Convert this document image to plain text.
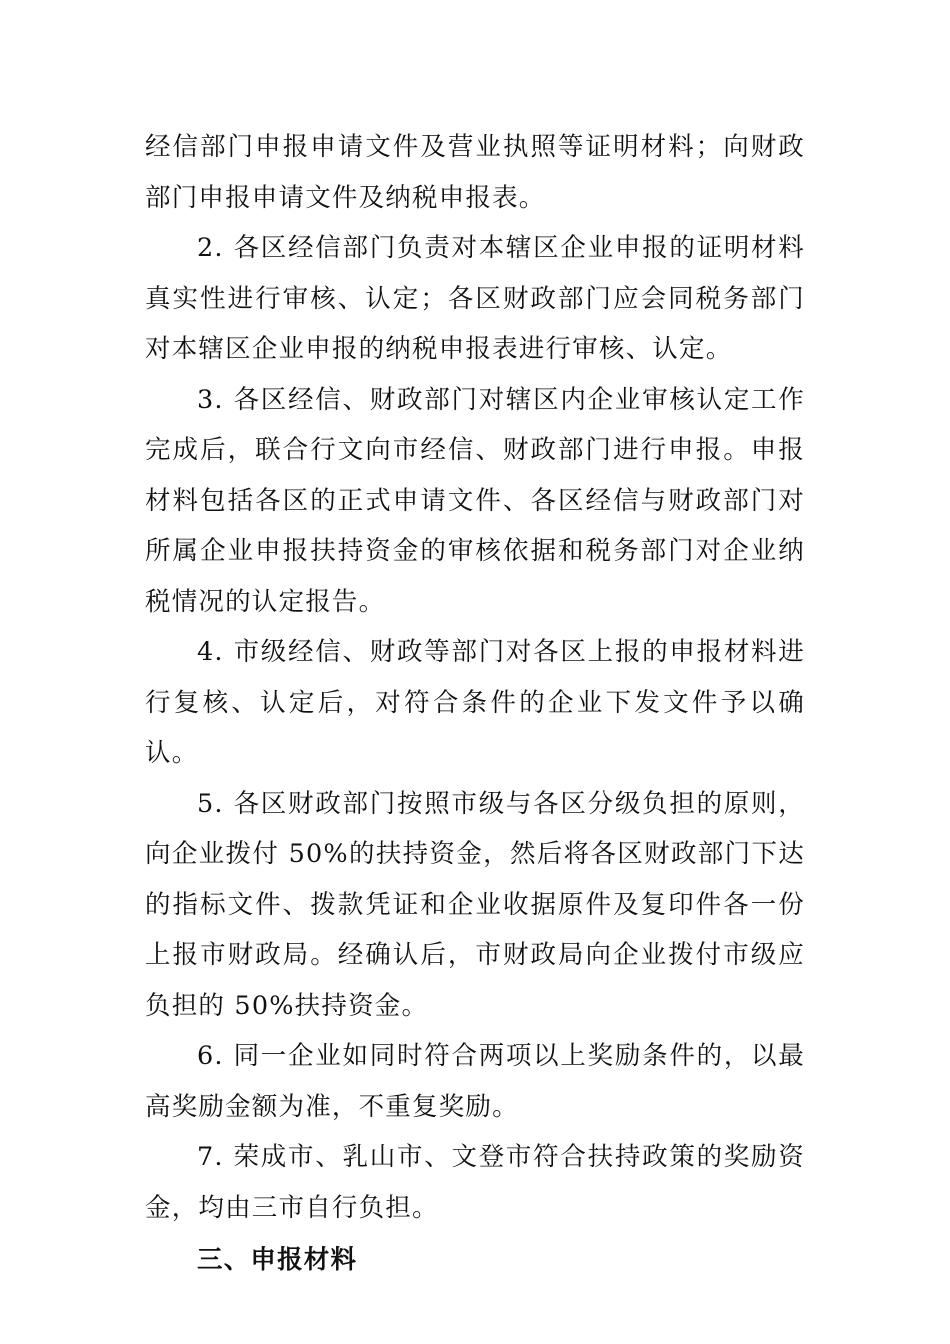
经信部门申报申请文件及营业执照等证明材料；向财政部门申报申请文件及纳税申报表。

2. 各区经信部门负责对本辖区企业申报的证明材料真实性进行审核、认定；各区财政部门应会同税务部门对本辖区企业申报的纳税申报表进行审核、认定。

3. 各区经信、财政部门对辖区内企业审核认定工作完成后，联合行文向市经信、财政部门进行申报。申报材料包括各区的正式申请文件、各区经信与财政部门对所属企业申报扶持资金的审核依据和税务部门对企业纳税情况的认定报告。

4. 市级经信、财政等部门对各区上报的申报材料进行复核、认定后，对符合条件的企业下发文件予以确认。

5. 各区财政部门按照市级与各区分级负担的原则，向企业拨付 50%的扶持资金，然后将各区财政部门下达的指标文件、拨款凭证和企业收据原件及复印件各一份上报市财政局。经确认后，市财政局向企业拨付市级应负担的 50%扶持资金。

6. 同一企业如同时符合两项以上奖励条件的，以最高奖励金额为准，不重复奖励。

7. 荣成市、乳山市、文登市符合扶持政策的奖励资金，均由三市自行负担。

三、申报材料
